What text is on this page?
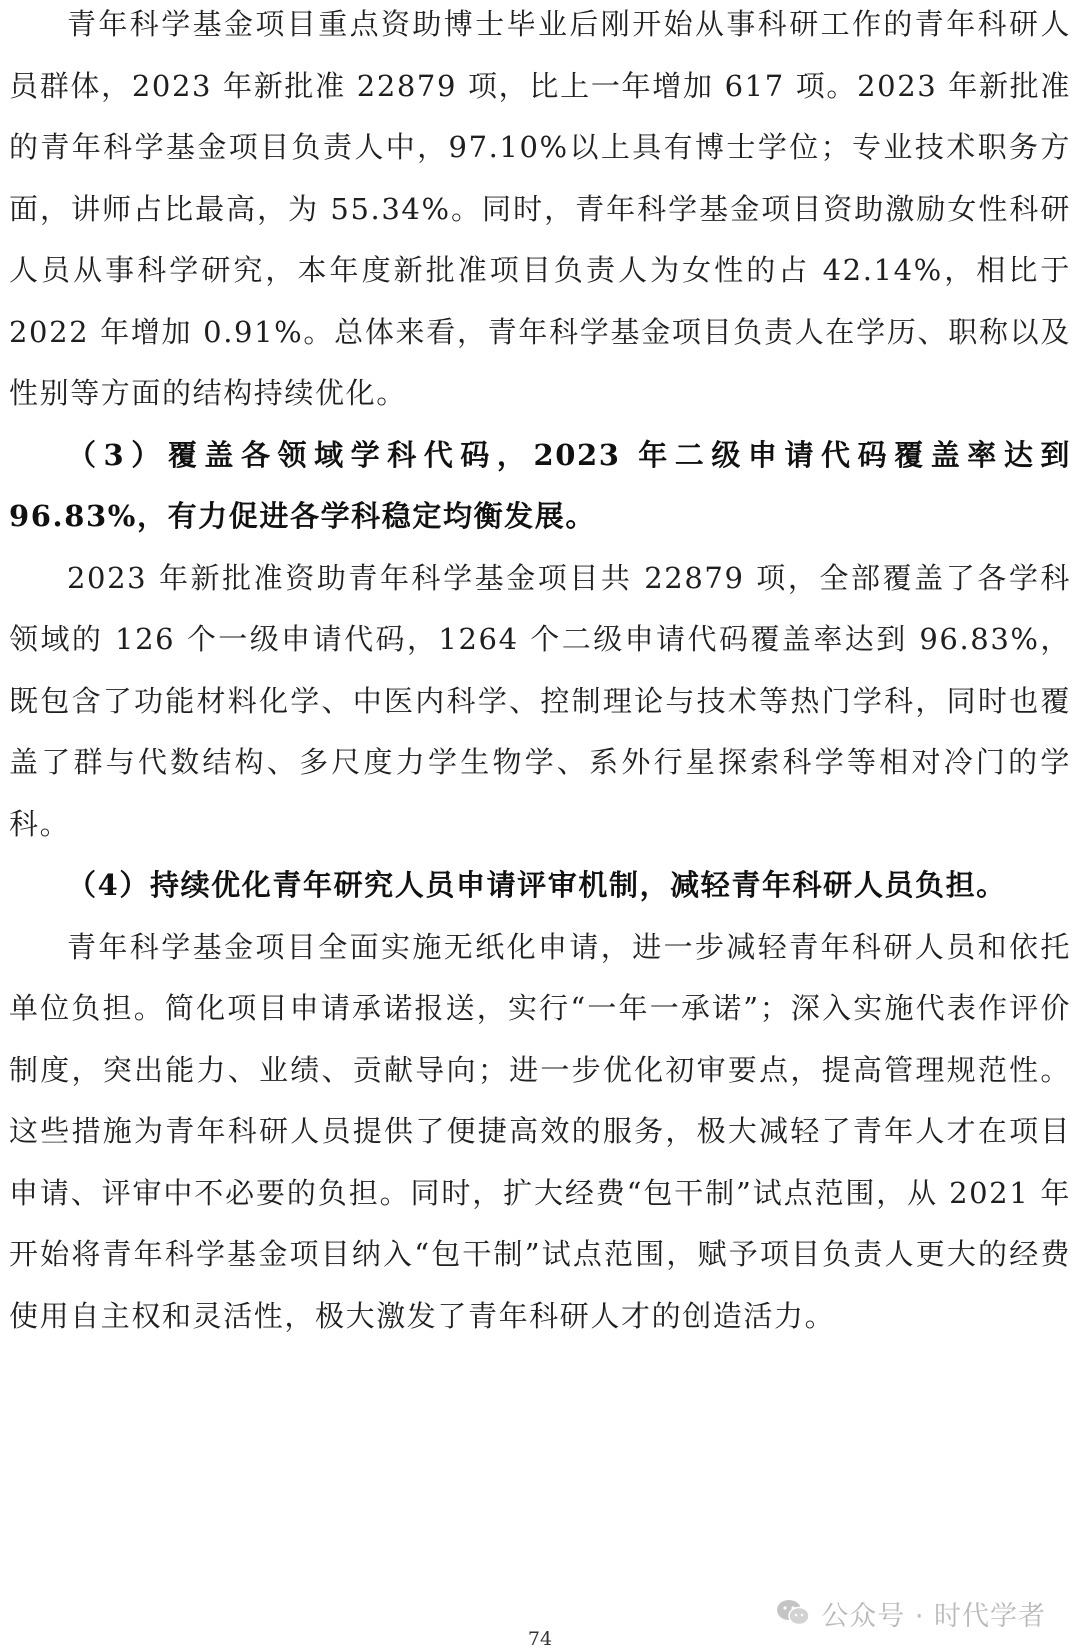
青年科学基金项目重点资助博士毕业后刚开始从事科研工作的青年科研人员群体，2023 年新批准 22879 项，比上一年增加 617 项。2023 年新批准的青年科学基金项目负责人中，97.10%以上具有博士学位；专业技术职务方面，讲师占比最高，为 55.34%。同时，青年科学基金项目资助激励女性科研人员从事科学研究，本年度新批准项目负责人为女性的占 42.14%，相比于 2022 年增加 0.91%。总体来看，青年科学基金项目负责人在学历、职称以及性别等方面的结构持续优化。

（3）覆盖各领域学科代码，2023 年二级申请代码覆盖率达到 96.83%，有力促进各学科稳定均衡发展。

2023 年新批准资助青年科学基金项目共 22879 项，全部覆盖了各学科领域的 126 个一级申请代码，1264 个二级申请代码覆盖率达到 96.83%，既包含了功能材料化学、中医内科学、控制理论与技术等热门学科，同时也覆盖了群与代数结构、多尺度力学生物学、系外行星探索科学等相对冷门的学科。

（4）持续优化青年研究人员申请评审机制，减轻青年科研人员负担。

青年科学基金项目全面实施无纸化申请，进一步减轻青年科研人员和依托单位负担。简化项目申请承诺报送，实行“一年一承诺”；深入实施代表作评价制度，突出能力、业绩、贡献导向；进一步优化初审要点，提高管理规范性。这些措施为青年科研人员提供了便捷高效的服务，极大减轻了青年人才在项目申请、评审中不必要的负担。同时，扩大经费“包干制”试点范围，从 2021 年开始将青年科学基金项目纳入“包干制”试点范围，赋予项目负责人更大的经费使用自主权和灵活性，极大激发了青年科研人才的创造活力。

公众号 · 时代学者
74
